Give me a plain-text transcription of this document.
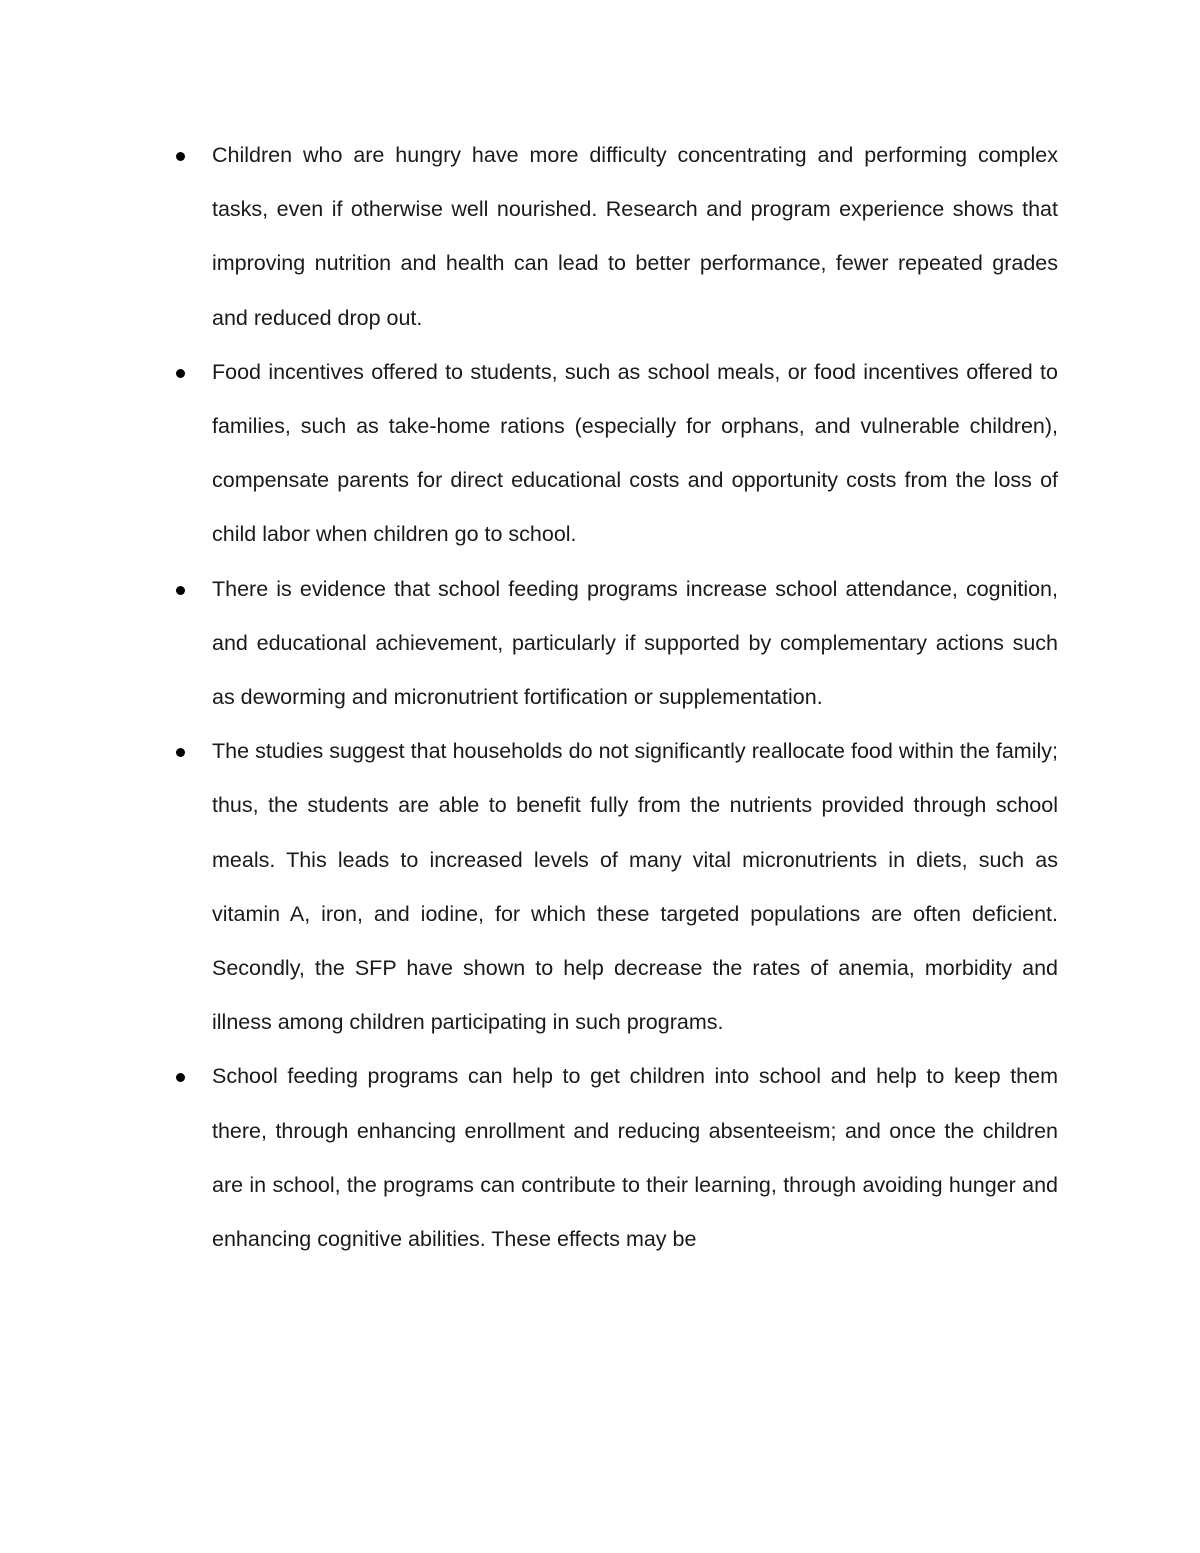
Children who are hungry have more difficulty concentrating and performing complex tasks, even if otherwise well nourished. Research and program experience shows that improving nutrition and health can lead to better performance, fewer repeated grades and reduced drop out.
Food incentives offered to students, such as school meals, or food incentives offered to families, such as take-home rations (especially for orphans, and vulnerable children), compensate parents for direct educational costs and opportunity costs from the loss of child labor when children go to school.
There is evidence that school feeding programs increase school attendance, cognition, and educational achievement, particularly if supported by complementary actions such as deworming and micronutrient fortification or supplementation.
The studies suggest that households do not significantly reallocate food within the family; thus, the students are able to benefit fully from the nutrients provided through school meals. This leads to increased levels of many vital micronutrients in diets, such as vitamin A, iron, and iodine, for which these targeted populations are often deficient. Secondly, the SFP have shown to help decrease the rates of anemia, morbidity and illness among children participating in such programs.
School feeding programs can help to get children into school and help to keep them there, through enhancing enrollment and reducing absenteeism; and once the children are in school, the programs can contribute to their learning, through avoiding hunger and enhancing cognitive abilities. These effects may be
